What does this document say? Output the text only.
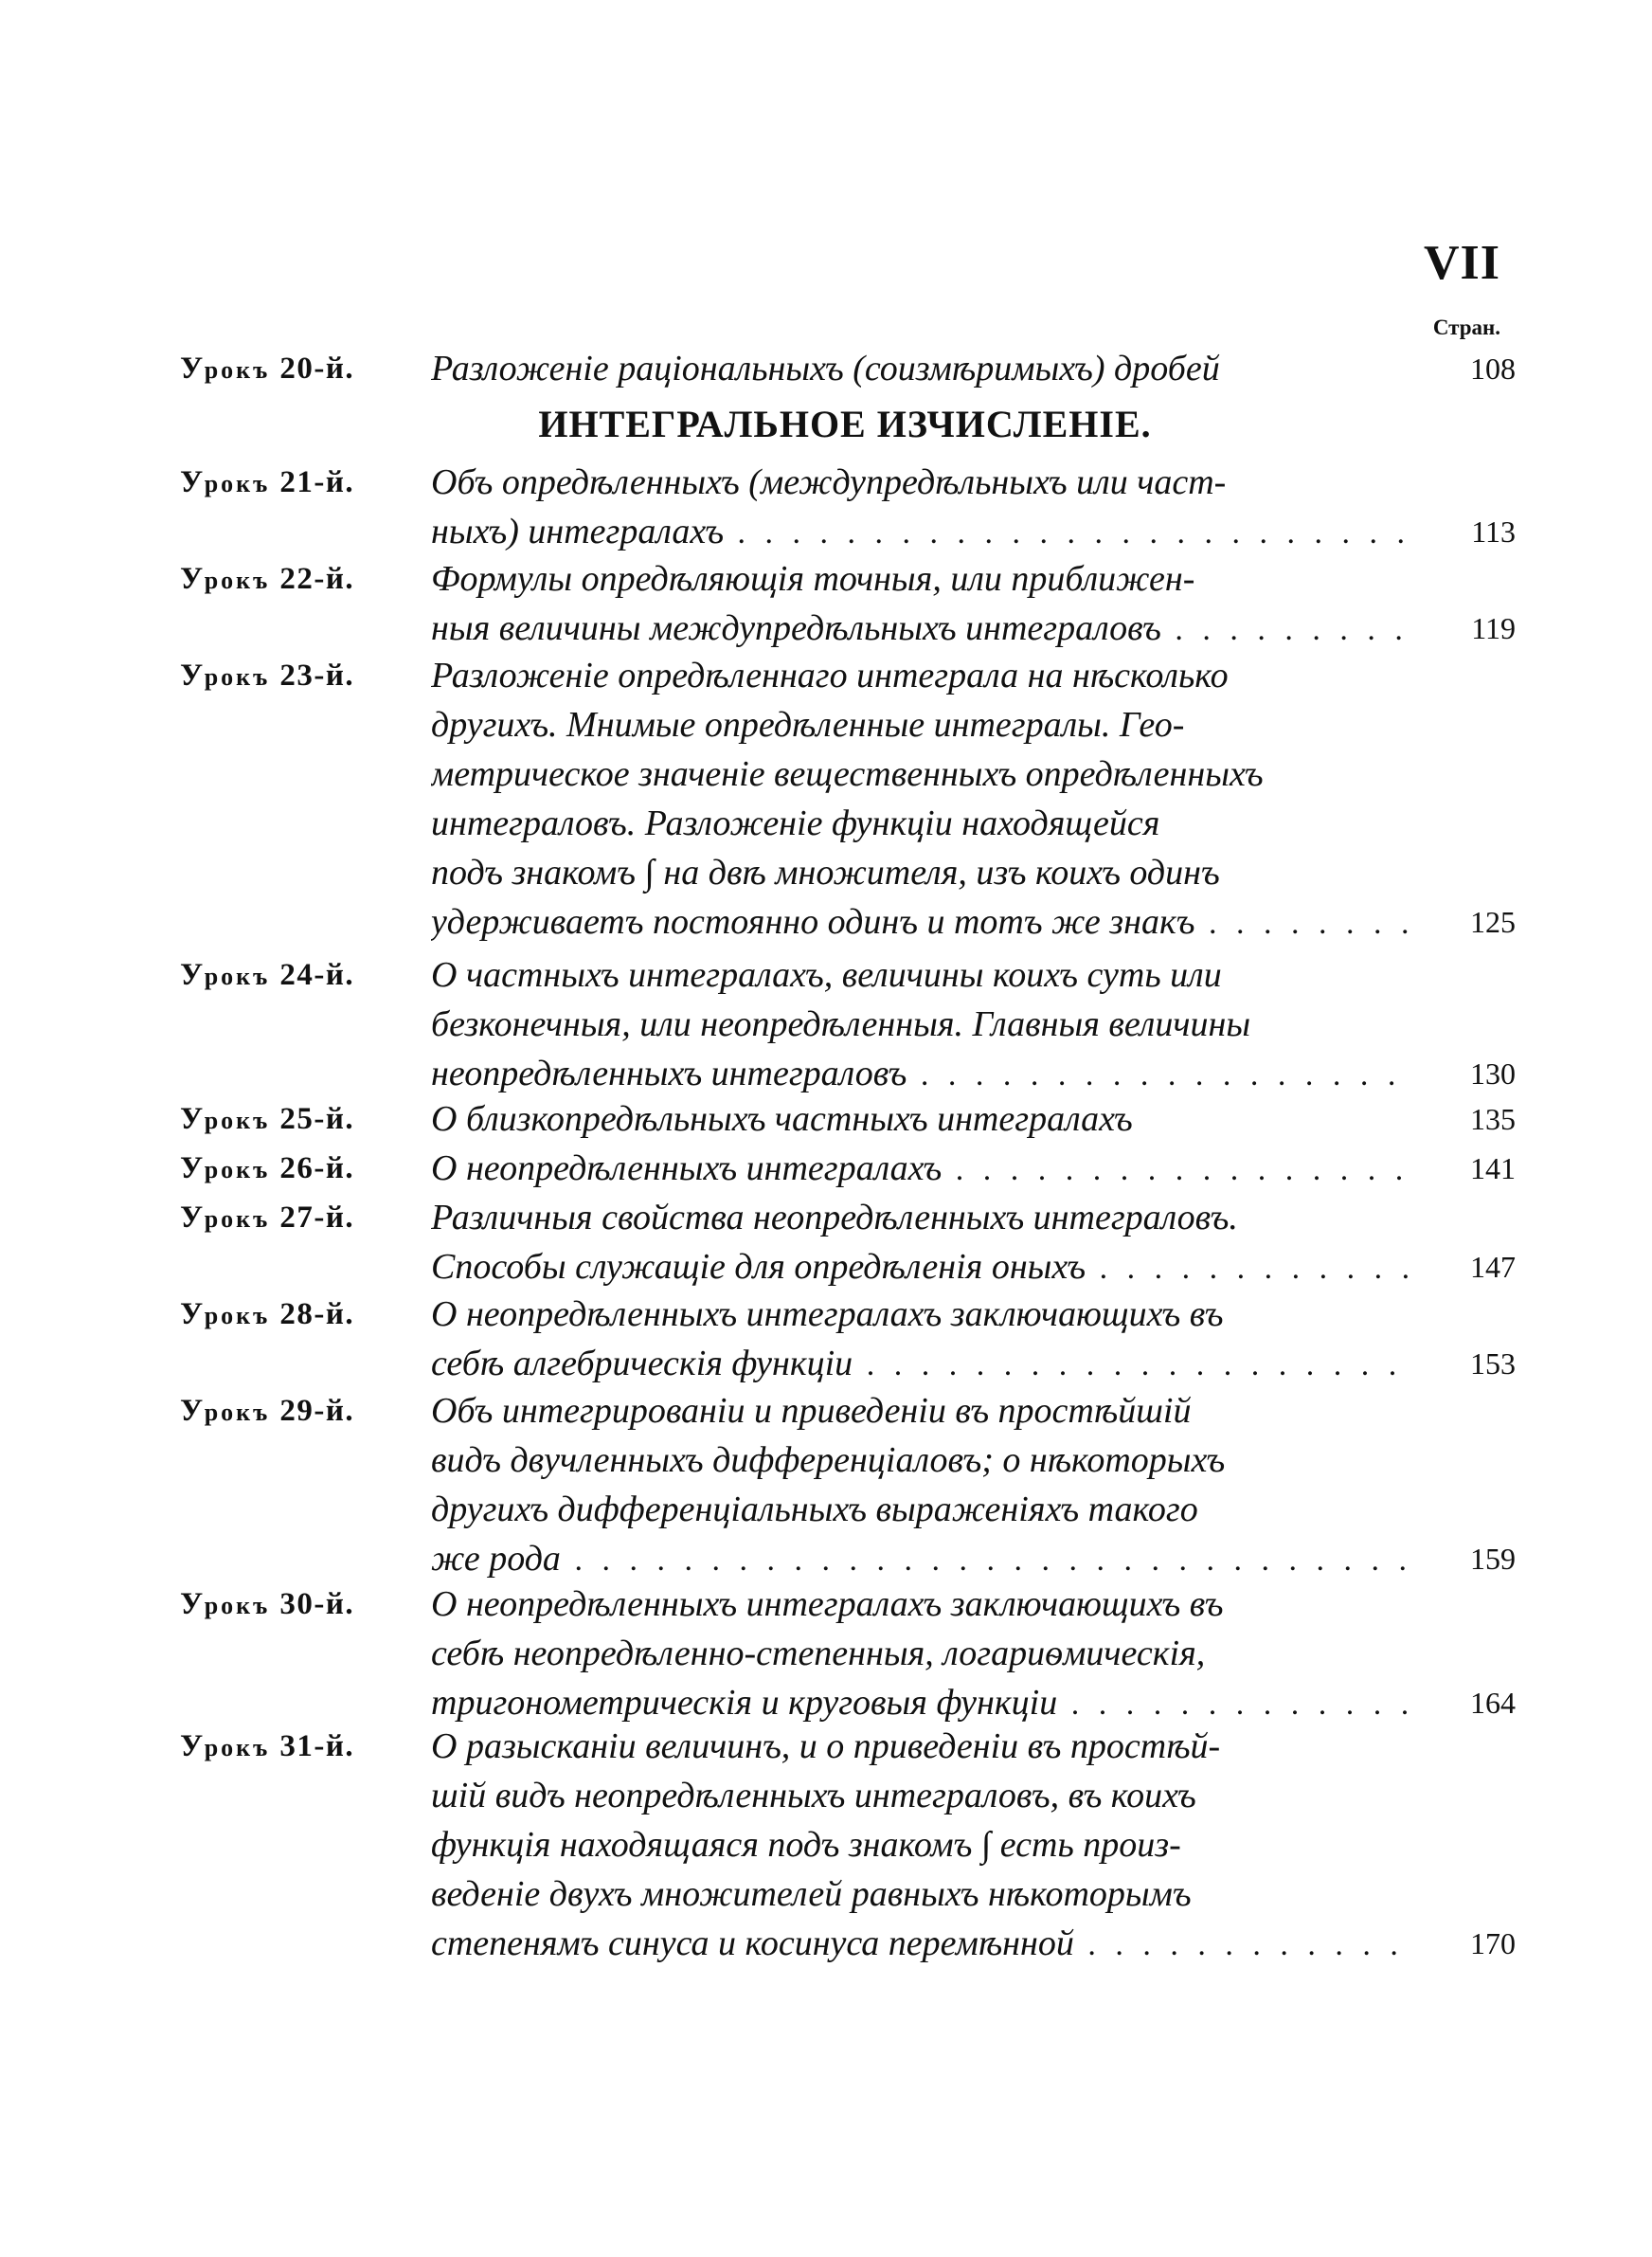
VII
Стран.
ИНТЕГРАЛЬНОЕ ИЗЧИСЛЕНІЕ.
Урокъ 20-й.	Разложеніе раціональныхъ (соизмѣримыхъ) дробей	108
Урокъ 21-й.	Объ опредѣленныхъ (междупредѣльныхъ или част-
ныхъ) интегралахъ . . .	113
Урокъ 22-й.	Формулы опредѣляющія точныя, или приближен-
ныя величины междупредѣльныхъ интеграловъ . . .	119
Урокъ 23-й.	Разложеніе опредѣленнаго интеграла на нѣсколько
другихъ. Мнимые опредѣленные интегралы. Гео-
метрическое значеніе вещественныхъ опредѣленныхъ
интеграловъ. Разложеніе функціи находящейся
подъ знакомъ ∫ на двѣ множителя, изъ коихъ одинъ
удерживаетъ постоянно одинъ и тотъ же знакъ . . .	125
Урокъ 24-й.	О частныхъ интегралахъ, величины коихъ суть или
безконечныя, или неопредѣленныя. Главныя величины
неопредѣленныхъ интеграловъ . . .	130
Урокъ 25-й.	О близкопредѣльныхъ частныхъ интегралахъ	135
Урокъ 26-й.	О неопредѣленныхъ интегралахъ . . .	141
Урокъ 27-й.	Различныя свойства неопредѣленныхъ интеграловъ.
Способы служащіе для опредѣленія оныхъ . . .	147
Урокъ 28-й.	О неопредѣленныхъ интегралахъ заключающихъ въ
себѣ алгебрическія функціи . . .	153
Урокъ 29-й.	Объ интегрированіи и приведеніи въ простѣйшій
видъ двучленныхъ дифференціаловъ; о нѣкоторыхъ
другихъ дифференціальныхъ выраженіяхъ такого
же рода . . .	159
Урокъ 30-й.	О неопредѣленныхъ интегралахъ заключающихъ въ
себѣ неопредѣленно-степенныя, логариѳмическія,
тригонометрическія и круговыя функціи . . .	164
Урокъ 31-й.	О разысканіи величинъ, и о приведеніи въ простѣй-
шій видъ неопредѣленныхъ интеграловъ, въ коихъ
функція находящаяся подъ знакомъ ∫ есть произ-
веденіе двухъ множителей равныхъ нѣкоторымъ
степенямъ синуса и косинуса перемѣнной . . .	170
